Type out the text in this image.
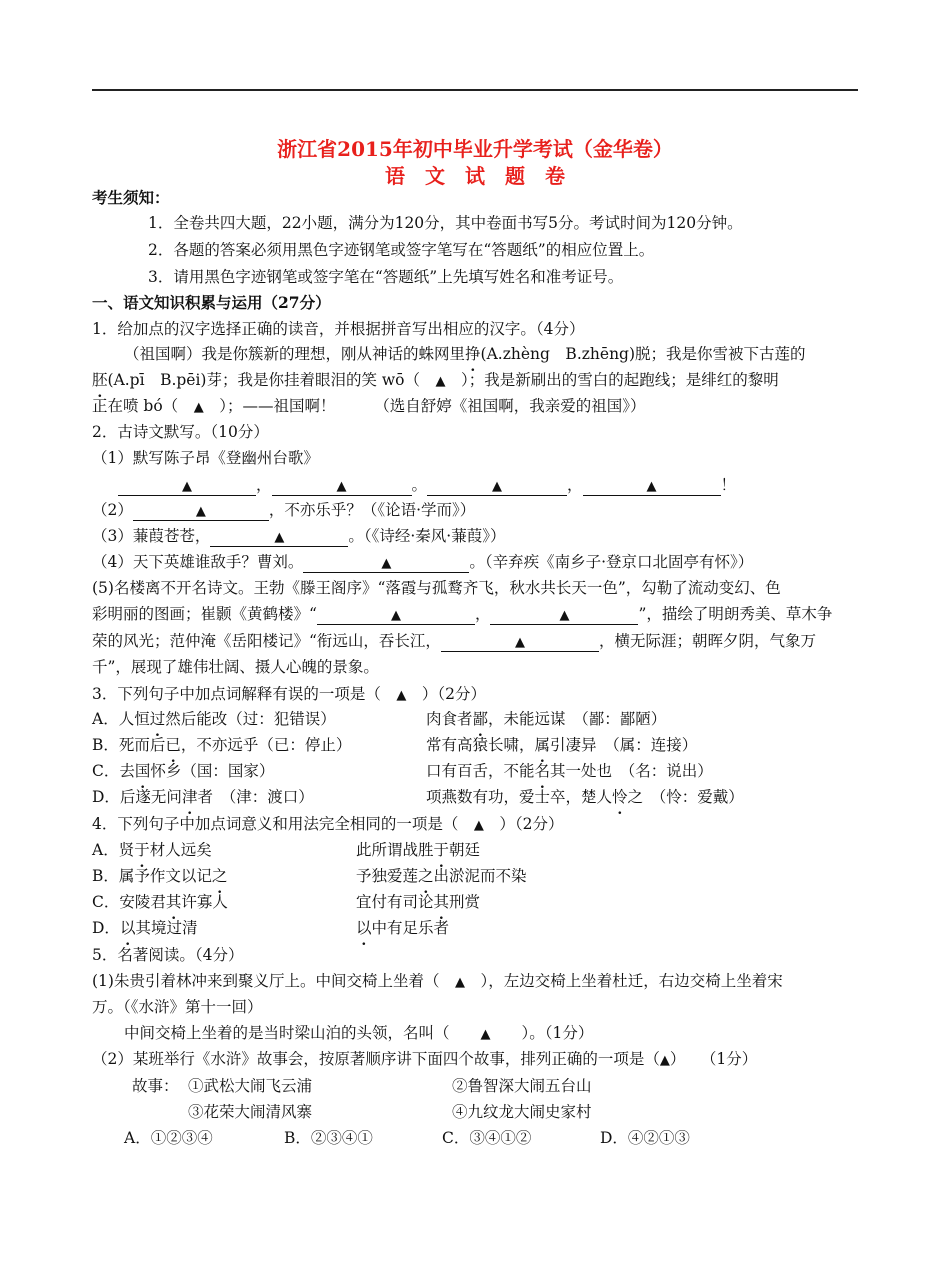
浙江省2015年初中毕业升学考试（金华卷）
语　文　试　题　卷
考生须知：
1．全卷共四大题，22小题，满分为120分，其中卷面书写5分。考试时间为120分钟。
2．各题的答案必须用黑色字迹钢笔或签字笔写在“答题纸”的相应位置上。
3．请用黑色字迹钢笔或签字笔在“答题纸”上先填写姓名和准考证号。
一、语文知识积累与运用（27分）
1．给加点的汉字选择正确的读音，并根据拼音写出相应的汉字。（4分）
（祖国啊）我是你簇新的理想，刚从神话的蛛网里挣(A.zhèng　B.zhēng)脱；我是你雪被下古莲的
胚(A.pī　B.pēi)芽；我是你挂着眼泪的笑 wō（　▲　）；我是新刷出的雪白的起跑线；是绯红的黎明
正在喷 bó（　▲　）；——祖国啊！　　　（选自舒婷《祖国啊，我亲爱的祖国》）
2．古诗文默写。（10分）
（1）默写陈子昂《登幽州台歌》
▲	，	▲	。	▲	，	▲	！
（2）	▲	，不亦乐乎？（《论语·学而》）
（3）蒹葭苍苍，	▲	。（《诗经·秦风·蒹葭》）
（4）天下英雄谁敌手？曹刘。	▲	。（辛弃疾《南乡子·登京口北固亭有怀》）
(5)名楼离不开名诗文。王勃《滕王阁序》“落霞与孤鹜齐飞，秋水共长天一色”，勾勒了流动变幻、色
彩明丽的图画；崔颢《黄鹤楼》“	▲	，	▲	”，描绘了明朗秀美、草木争
荣的风光；范仲淹《岳阳楼记》“衔远山，吞长江，	▲	，横无际涯；朝晖夕阴，气象万
千”，展现了雄伟壮阔、摄人心魄的景象。
3．下列句子中加点词解释有误的一项是（　▲　）（2分）
A．人恒过然后能改（过：犯错误）	肉食者鄙，未能远谋　（鄙：鄙陋）
B．死而后已，不亦远乎（已：停止）	常有高猿长啸，属引凄异　（属：连接）
C．去国怀乡（国：国家）	口有百舌，不能名其一处也　（名：说出）
D．后遂无问津者　（津：渡口）	项燕数有功，爱士卒，楚人怜之　（怜：爱戴）
4．下列句子中加点词意义和用法完全相同的一项是（　▲　）（2分）
A．贤于材人远矣	此所谓战胜于朝廷
B．属予作文以记之	予独爱莲之出淤泥而不染
C．安陵君其许寡人	宜付有司论其刑赏
D．以其境过清	以中有足乐者
5．名著阅读。（4分）
(1)朱贵引着林冲来到聚义厅上。中间交椅上坐着（　▲　），左边交椅上坐着杜迁，右边交椅上坐着宋
万。（《水浒》第十一回）
中间交椅上坐着的是当时梁山泊的头领，名叫（　　▲　　）。（1分）
（2）某班举行《水浒》故事会，按原著顺序讲下面四个故事，排列正确的一项是（▲）　　（1分）
故事： ①武松大闹飞云浦	②鲁智深大闹五台山
③花荣大闹清风寨	④九纹龙大闹史家村
A．①②③④	B．②③④①	C．③④①②	D．④②①③
